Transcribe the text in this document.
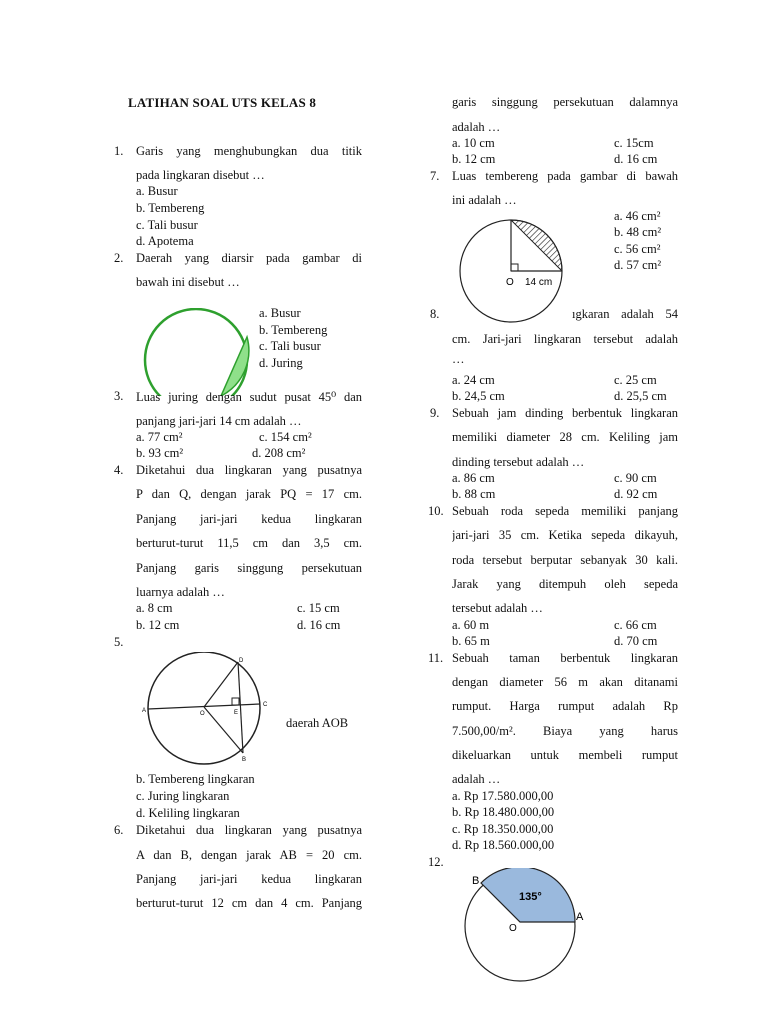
LATIHAN SOAL UTS KELAS 8
1. Garis yang menghubungkan dua titik
pada lingkaran disebut …
a. Busur
b. Tembereng
c. Tali busur
d. Apotema
2. Daerah yang diarsir pada gambar di
bawah ini disebut …
a. Busur
b. Tembereng
c. Tali busur
d. Juring
3. Luas juring dengan sudut pusat 45⁰ dan
panjang jari-jari 14 cm adalah …
a. 77 cm²	c. 154 cm²
b. 93 cm²	d. 208 cm²
4. Diketahui dua lingkaran yang pusatnya
P dan Q, dengan jarak PQ = 17 cm.
Panjang jari-jari kedua lingkaran
berturut-turut 11,5 cm dan 3,5 cm.
Panjang garis singgung persekutuan
luarnya adalah …
a. 8 cm	c. 15 cm
b. 12 cm	d. 16 cm
5.
D
C
A	O	E
B
daerah AOB
b. Tembereng lingkaran
c. Juring lingkaran
d. Keliling lingkaran
6. Diketahui dua lingkaran yang pusatnya
A dan B, dengan jarak AB = 20 cm.
Panjang jari-jari kedua lingkaran
berturut-turut 12 cm dan 4 cm. Panjang
garis singgung persekutuan dalamnya
adalah …
a. 10 cm	c. 15cm
b. 12 cm	d. 16 cm
7. Luas tembereng pada gambar di bawah
ini adalah …
O 14 cm
a. 46 cm²
b. 48 cm²
c. 56 cm²
d. 57 cm²
8.	ıgkaran adalah 54
cm. Jari-jari lingkaran tersebut adalah
…
a. 24 cm	c. 25 cm
b. 24,5 cm	d. 25,5 cm
9. Sebuah jam dinding berbentuk lingkaran
memiliki diameter 28 cm. Keliling jam
dinding tersebut adalah …
a. 86 cm	c. 90 cm
b. 88 cm	d. 92 cm
10. Sebuah roda sepeda memiliki panjang
jari-jari 35 cm. Ketika sepeda dikayuh,
roda tersebut berputar sebanyak 30 kali.
Jarak yang ditempuh oleh sepeda
tersebut adalah …
a. 60 m	c. 66 cm
b. 65 m	d. 70 cm
11. Sebuah taman berbentuk lingkaran
dengan diameter 56 m akan ditanami
rumput. Harga rumput adalah Rp
7.500,00/m². Biaya yang harus
dikeluarkan untuk membeli rumput
adalah …
a. Rp 17.580.000,00
b. Rp 18.480.000,00
c. Rp 18.350.000,00
d. Rp 18.560.000,00
12.
135°
B
A
O
